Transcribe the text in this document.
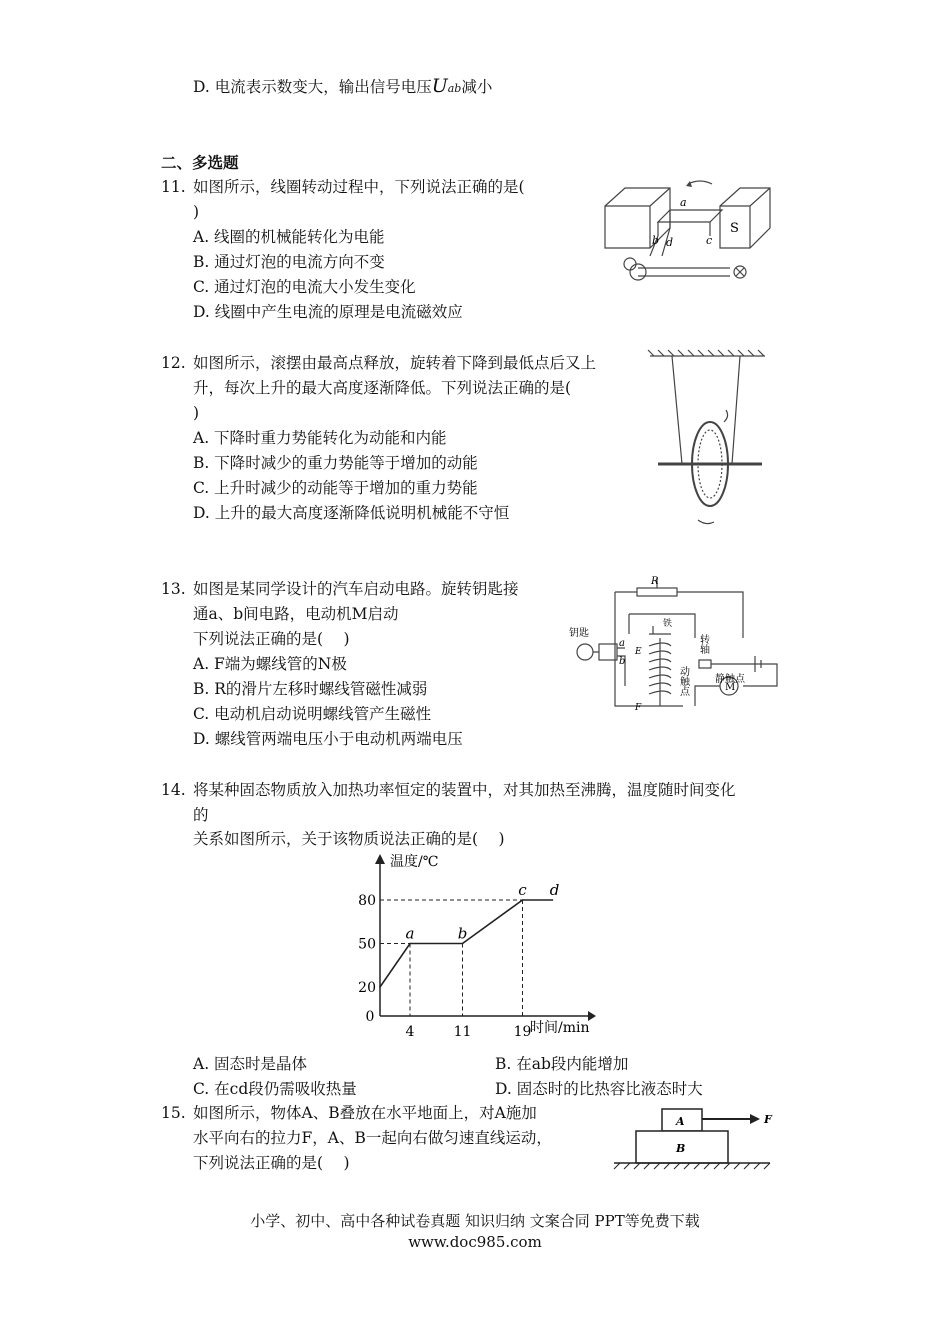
D. 电流表示数变大，输出信号电压Uab减小
二、多选题
11. 如图所示，线圈转动过程中，下列说法正确的是(
)
A. 线圈的机械能转化为电能
B. 通过灯泡的电流方向不变
C. 通过灯泡的电流大小发生变化
D. 线圈中产生电流的原理是电流磁效应
a
b	c
d
S
12. 如图所示，滚摆由最高点释放，旋转着下降到最低点后又上
升，每次上升的最大高度逐渐降低。下列说法正确的是(
)
A. 下降时重力势能转化为动能和内能
B. 下降时减少的重力势能等于增加的动能
C. 上升时减少的动能等于增加的重力势能
D. 上升的最大高度逐渐降低说明机械能不守恒
13. 如图是某同学设计的汽车启动电路。旋转钥匙接
通a、b间电路，电动机M启动
下列说法正确的是(　 )
A. F端为螺线管的N极
B. R的滑片左移时螺线管磁性减弱
C. 电动机启动说明螺线管产生磁性
D. 螺线管两端电压小于电动机两端电压
R
钥匙
a
b
铁
转轴
动触点	静触点
M
E
F
14. 将某种固态物质放入加热功率恒定的装置中，对其加热至沸腾，温度随时间变化
的
关系如图所示，关于该物质说法正确的是(　 )
20
50
80
0
4	11	19
a	b
c d
温度/℃
时间/min
A. 固态时是晶体	B. 在ab段内能增加
C. 在cd段仍需吸收热量	D. 固态时的比热容比液态时大
15. 如图所示，物体A、B叠放在水平地面上，对A施加
水平向右的拉力F，A、B一起向右做匀速直线运动，
下列说法正确的是(　 )
A
B
F
小学、初中、高中各种试卷真题 知识归纳 文案合同 PPT等免费下载
www.doc985.com
